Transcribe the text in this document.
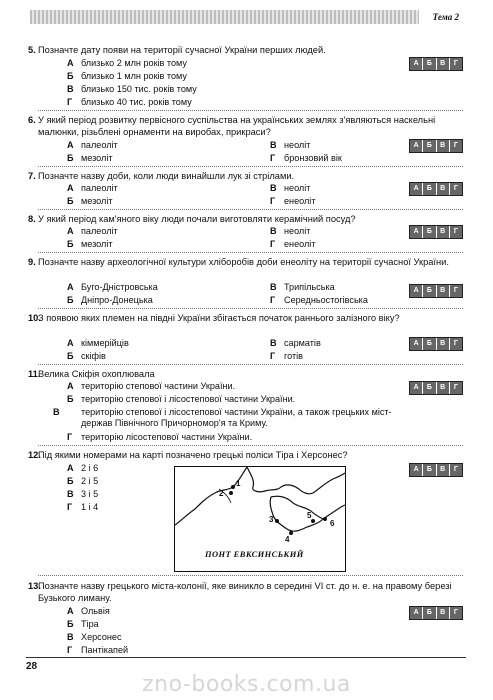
Тема 2
5. Позначте дату появи на території сучасної України перших людей.
А близько 2 млн років тому
Б близько 1 млн років тому
В близько 150 тис. років тому
Г близько 40 тис. років тому
А	Б	В	Г
6. У який період розвитку первісного суспільства на українських землях з'являються наскельні малюнки, різьблені орнаменти на виробах, прикраси?
А палеоліт
Б мезоліт
В неоліт
Г бронзовий вік
А	Б	В	Г
7. Позначте назву доби, коли люди винайшли лук зі стрілами.
А палеоліт
Б мезоліт
В неоліт
Г енеоліт
А	Б	В	Г
8. У який період кам'яного віку люди почали виготовляти керамічний посуд?
А палеоліт
Б мезоліт
В неоліт
Г енеоліт
А	Б	В	Г
9. Позначте назву археологічної культури хліборобів доби енеоліту на території сучасної України.
А Буго-Дністровська
Б Дніпро-Донецька
В Трипільська
Г Середньостогівська
А	Б	В	Г
10.
З появою яких племен на півдні України збігається початок раннього залізного віку?
А кіммерійців
Б скіфів
В сарматів
Г готів
А	Б	В	Г
11.
Велика Скіфія охоплювала
А територію степової частини України.
Б територію степової і лісостепової частини України.
В територію степової і лісостепової частини України, а також грецьких міст-держав Північного Причорномор'я та Криму.
Г територію лісостепової частини України.
А	Б	В	Г
12.
Під якими номерами на карті позначено грецькі поліси Тіра і Херсонес?
А 2 і 6
Б 2 і 5
В 3 і 5
Г 1 і 4
А	Б	В	Г
1
2
3
4
5
6
ПОНТ ЕВКСИНСЬКИЙ
13.
Позначте назву грецького міста-колонії, яке виникло в середині VI ст. до н. е. на правому березі Бузького лиману.
А Ольвія
Б Тіра
В Херсонес
Г Пантікапей
А	Б	В	Г
28
zno-books.com.ua
